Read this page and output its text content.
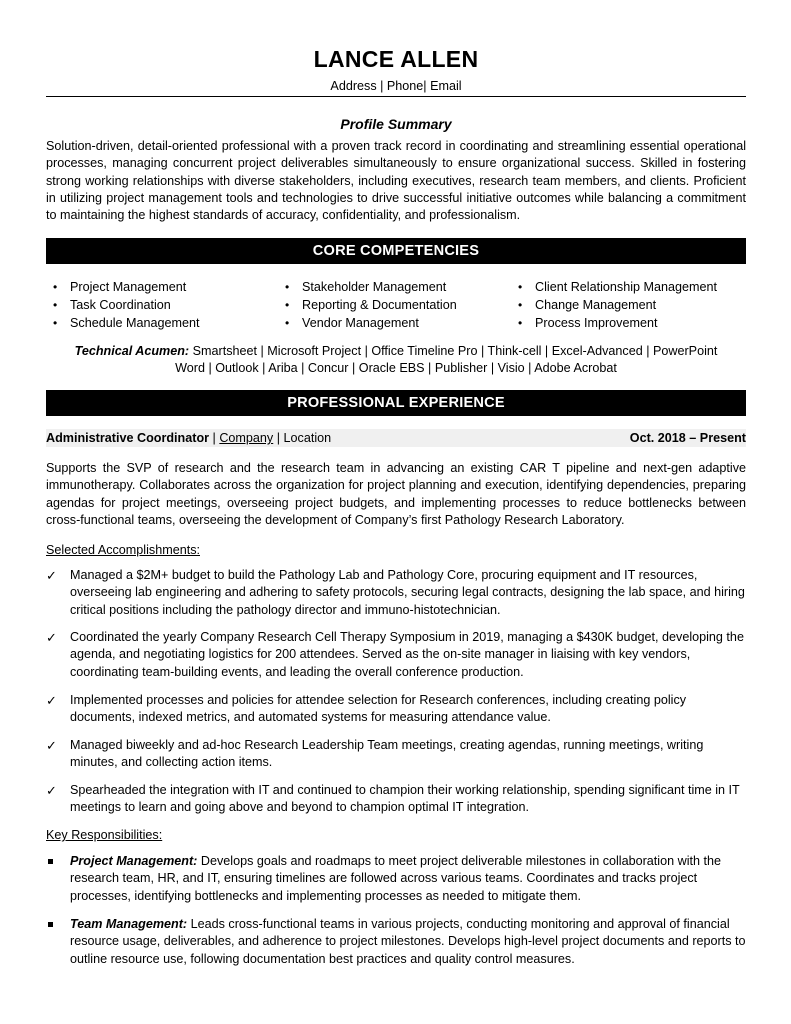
LANCE ALLEN
Address | Phone| Email
Profile Summary
Solution-driven, detail-oriented professional with a proven track record in coordinating and streamlining essential operational processes, managing concurrent project deliverables simultaneously to ensure organizational success. Skilled in fostering strong working relationships with diverse stakeholders, including executives, research team members, and clients. Proficient in utilizing project management tools and technologies to drive successful initiative outcomes while balancing a commitment to maintaining the highest standards of accuracy, confidentiality, and professionalism.
CORE COMPETENCIES
• Project Management
• Task Coordination
• Schedule Management
• Stakeholder Management
• Reporting & Documentation
• Vendor Management
• Client Relationship Management
• Change Management
• Process Improvement
Technical Acumen: Smartsheet | Microsoft Project | Office Timeline Pro | Think-cell | Excel-Advanced | PowerPoint
Word | Outlook | Ariba | Concur | Oracle EBS | Publisher | Visio | Adobe Acrobat
PROFESSIONAL EXPERIENCE
Administrative Coordinator | Company | Location	Oct. 2018 – Present
Supports the SVP of research and the research team in advancing an existing CAR T pipeline and next-gen adaptive immunotherapy. Collaborates across the organization for project planning and execution, identifying dependencies, preparing agendas for project meetings, overseeing project budgets, and implementing processes to reduce bottlenecks between cross-functional teams, overseeing the development of Company’s first Pathology Research Laboratory.
Selected Accomplishments:
✓ Managed a $2M+ budget to build the Pathology Lab and Pathology Core, procuring equipment and IT resources, overseeing lab engineering and adhering to safety protocols, securing legal contracts, designing the lab space, and hiring critical positions including the pathology director and immuno-histotechnician.
✓ Coordinated the yearly Company Research Cell Therapy Symposium in 2019, managing a $430K budget, developing the agenda, and negotiating logistics for 200 attendees. Served as the on-site manager in liaising with key vendors, coordinating team-building events, and leading the overall conference production.
✓ Implemented processes and policies for attendee selection for Research conferences, including creating policy documents, indexed metrics, and automated systems for measuring attendance value.
✓ Managed biweekly and ad-hoc Research Leadership Team meetings, creating agendas, running meetings, writing minutes, and collecting action items.
✓ Spearheaded the integration with IT and continued to champion their working relationship, spending significant time in IT meetings to learn and going above and beyond to champion optimal IT integration.
Key Responsibilities:
Project Management: Develops goals and roadmaps to meet project deliverable milestones in collaboration with the research team, HR, and IT, ensuring timelines are followed across various teams. Coordinates and tracks project processes, identifying bottlenecks and implementing processes as needed to mitigate them.
Team Management: Leads cross-functional teams in various projects, conducting monitoring and approval of financial resource usage, deliverables, and adherence to project milestones. Develops high-level project documents and reports to outline resource use, following documentation best practices and quality control measures.
